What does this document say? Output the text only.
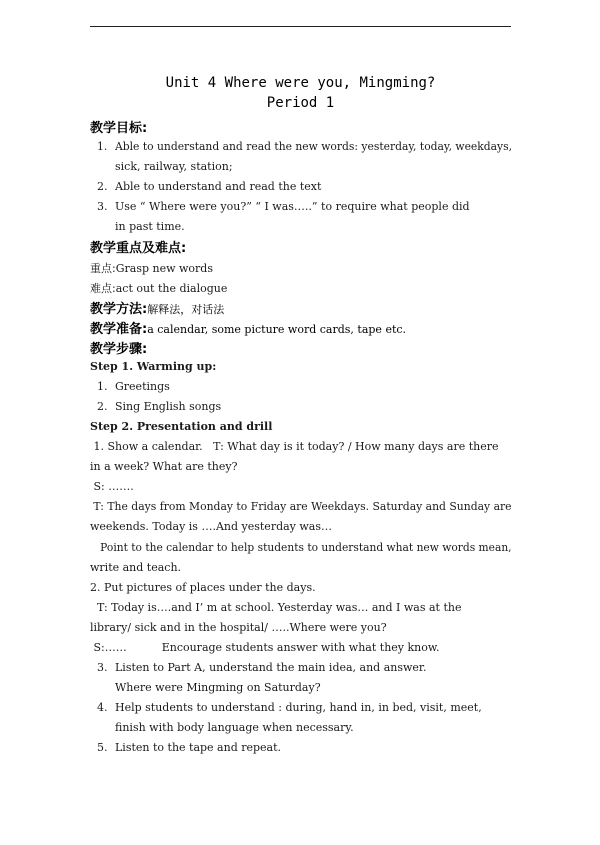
Unit 4 Where were you, Mingming?
Period 1
教学目标:
1. Able to understand and read the new words: yesterday, today, weekdays,
sick, railway, station;
2. Able to understand and read the text
3. Use “ Where were you?” “ I was…..” to require what people did
in past time.
教学重点及难点:
重点:Grasp new words
难点:act out the dialogue
教学方法:解释法，对话法
教学准备:a calendar, some picture word cards, tape etc.
教学步骤:
Step 1. Warming up:
1. Greetings
2. Sing English songs
Step 2. Presentation and drill
1. Show a calendar.   T: What day is it today? / How many days are there
in a week? What are they?
S: …….
T: The days from Monday to Friday are Weekdays. Saturday and Sunday are
weekends. Today is ….And yesterday was…
Point to the calendar to help students to understand what new words mean,
write and teach.
2. Put pictures of places under the days.
T: Today is….and I’ m at school. Yesterday was… and I was at the
library/ sick and in the hospital/ …..Where were you?
S:……          Encourage students answer with what they know.
3. Listen to Part A, understand the main idea, and answer.
Where were Mingming on Saturday?
4. Help students to understand : during, hand in, in bed, visit, meet,
finish with body language when necessary.
5. Listen to the tape and repeat.
